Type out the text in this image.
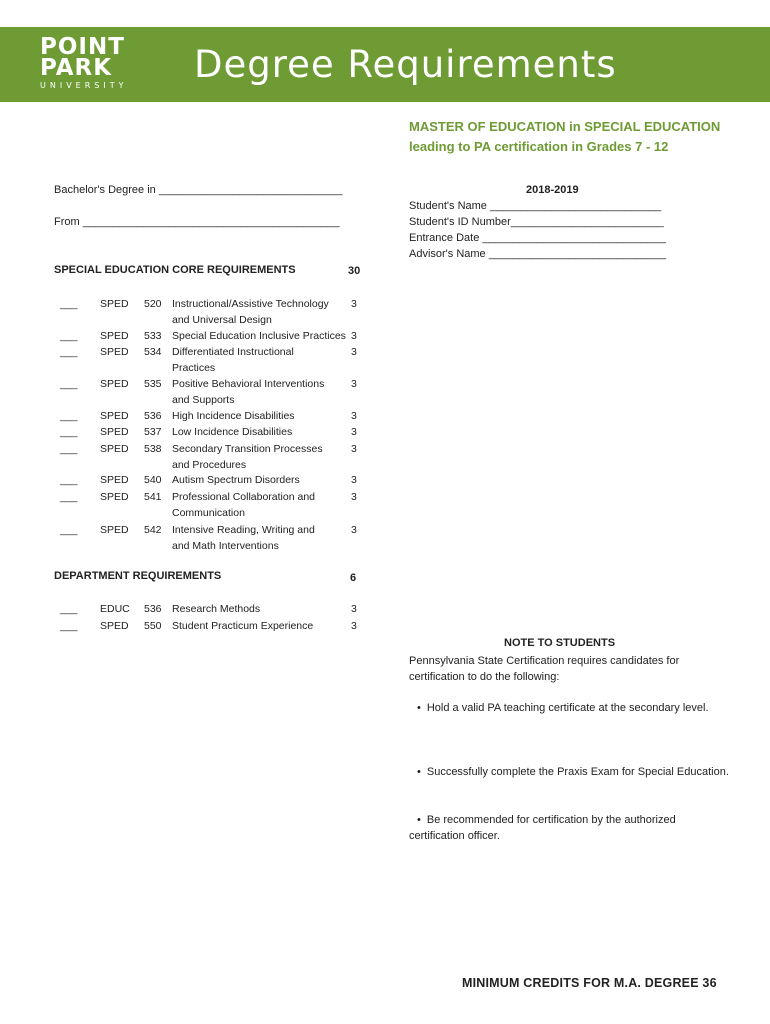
POINT
PARK
UNIVERSITY Degree Requirements
MASTER OF EDUCATION in SPECIAL EDUCATION
leading to PA certification in Grades 7 - 12
Bachelor's Degree in ______________________________
From __________________________________________
2018-2019
Student's Name ____________________________
Student's ID Number_________________________
Entrance Date ______________________________
Advisor's Name _____________________________
SPECIAL EDUCATION CORE REQUIREMENTS	30
___ SPED 520 Instructional/Assistive Technology 3
and Universal Design
___ SPED 533 Special Education Inclusive Practices 3
___ SPED 534 Differentiated Instructional	3
Practices
___ SPED 535 Positive Behavioral Interventions	3
and Supports
___ SPED 536 High Incidence Disabilities	3
___ SPED 537 Low Incidence Disabilities	3
___ SPED 538 Secondary Transition Processes	3
and Procedures
___ SPED 540 Autism Spectrum Disorders	3
___ SPED 541 Professional Collaboration and	3
Communication
___ SPED 542 Intensive Reading, Writing and	3
and Math Interventions
DEPARTMENT REQUIREMENTS	6
___ EDUC 536 Research Methods	3
___ SPED 550 Student Practicum Experience	3
NOTE TO STUDENTS
Pennsylvania State Certification requires candidates for
certification to do the following:
• Hold a valid PA teaching certificate at the secondary level.
• Successfully complete the Praxis Exam for Special Education.
• Be recommended for certification by the authorized
certification officer.
MINIMUM CREDITS FOR M.A. DEGREE 36
